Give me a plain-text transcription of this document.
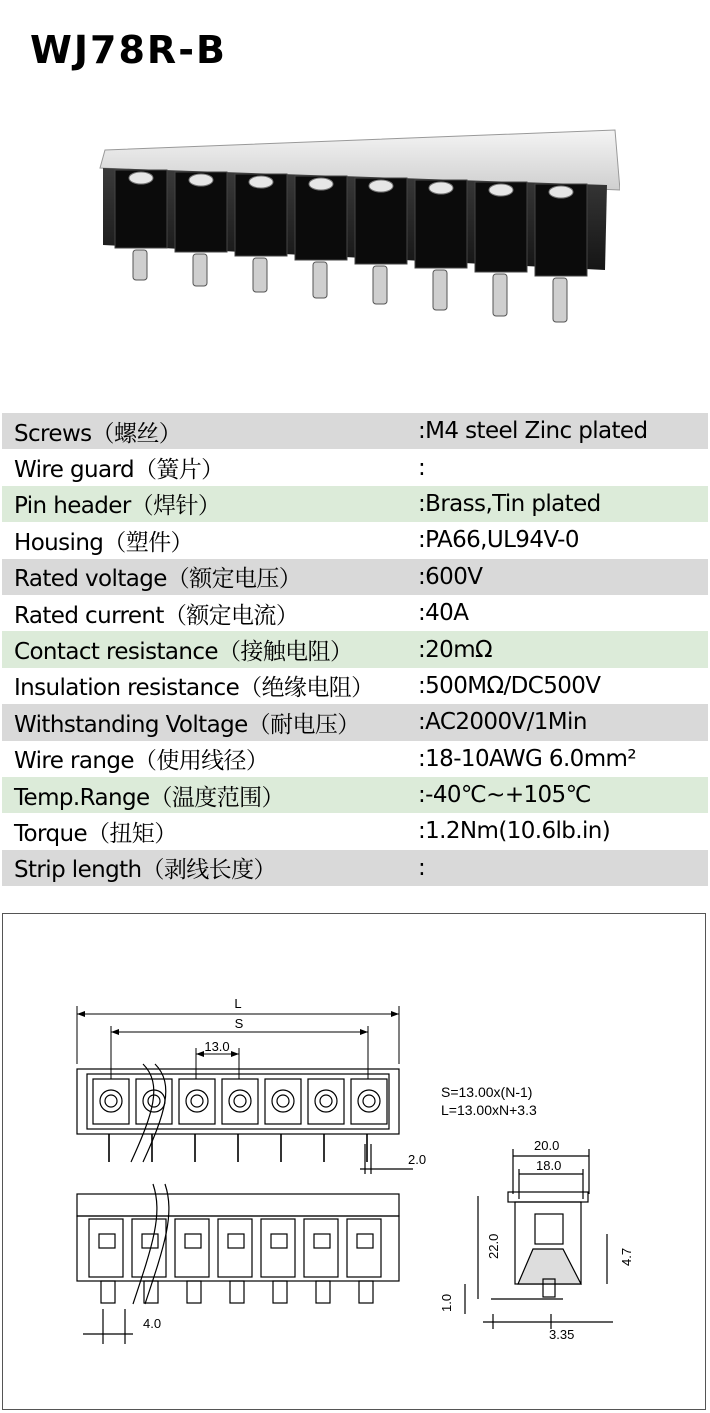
WJ78R-B
Screws（螺丝）	:M4 steel Zinc plated
Wire guard（簧片）	:
Pin header（焊针）	:Brass,Tin plated
Housing（塑件）	:PA66,UL94V-0
Rated voltage（额定电压）	:600V
Rated current（额定电流）	:40A
Contact resistance（接触电阻）	:20mΩ
Insulation resistance（绝缘电阻）	:500MΩ/DC500V
Withstanding Voltage（耐电压）	:AC2000V/1Min
Wire range（使用线径）	:18-10AWG 6.0mm²
Temp.Range（温度范围）	:-40℃~+105℃
Torque（扭矩）	:1.2Nm(10.6lb.in)
Strip length（剥线长度）	:
L
S
13.0
2.0
4.0
S=13.00x(N-1)
L=13.00xN+3.3
20.0
18.0
22.0
1.0
4.7
3.35
